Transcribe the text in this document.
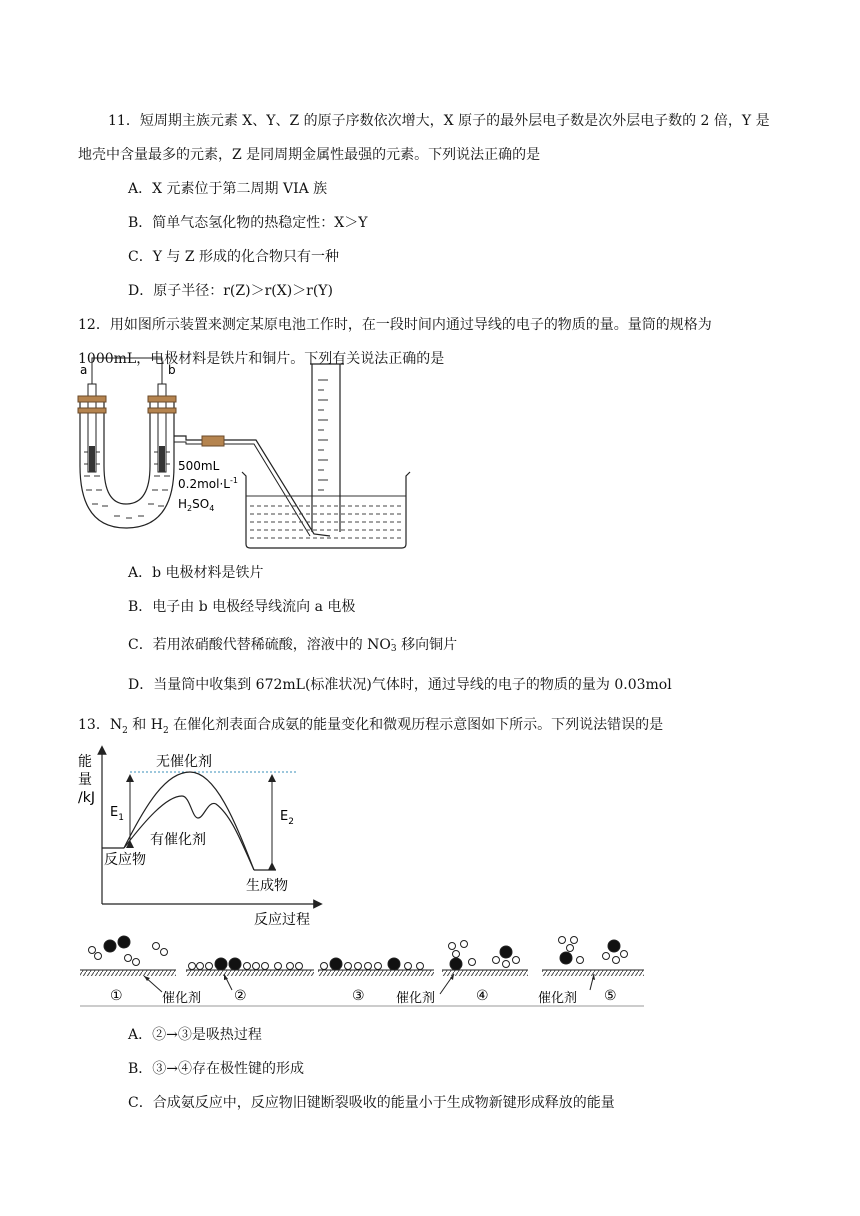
11．短周期主族元素 X、Y、Z 的原子序数依次增大，X 原子的最外层电子数是次外层电子数的 2 倍，Y 是
地壳中含量最多的元素，Z 是同周期金属性最强的元素。下列说法正确的是
A．X 元素位于第二周期 VIA 族
B．简单气态氢化物的热稳定性：X＞Y
C．Y 与 Z 形成的化合物只有一种
D．原子半径：r(Z)＞r(X)＞r(Y)
12．用如图所示装置来测定某原电池工作时，在一段时间内通过导线的电子的物质的量。量筒的规格为
1000mL，电极材料是铁片和铜片。下列有关说法正确的是
a	b
500mL
$0.2mol\cdot L^{-1}$
$H_2SO_4$
A．b 电极材料是铁片
B．电子由 b 电极经导线流向 a 电极
C．若用浓硝酸代替稀硫酸，溶液中的 NO -
3 移向铜片
D．当量筒中收集到 672mL(标准状况)气体时，通过导线的电子的物质的量为 0.03mol
13．$N_2$ 和 $H_2$ 在催化剂表面合成氨的能量变化和微观历程示意图如下所示。下列说法错误的是
能
量
/kJ
$E_1$	$E_2$
无催化剂
有催化剂
反应物
生成物
反应过程
①	②	③	④	⑤
催化剂	催化剂	催化剂
A．②→③是吸热过程
B．③→④存在极性键的形成
C．合成氨反应中，反应物旧键断裂吸收的能量小于生成物新键形成释放的能量
